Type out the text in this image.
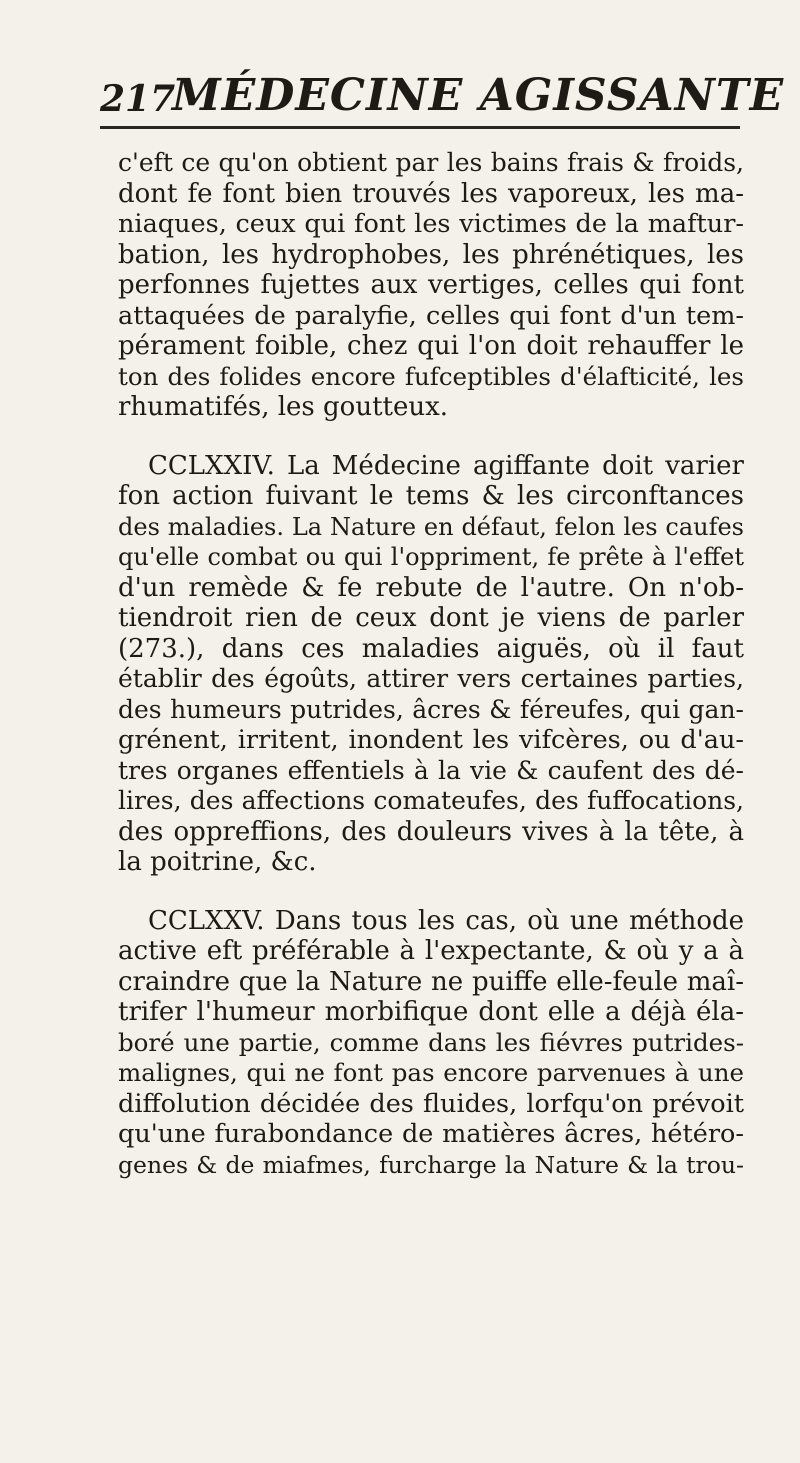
217
MÉDECINE AGISSANTE
c'eft ce qu'on obtient par les bains frais & froids,
dont fe font bien trouvés les vaporeux, les ma-
niaques, ceux qui font les victimes de la maftur-
bation, les hydrophobes, les phrénétiques, les
perfonnes fujettes aux vertiges, celles qui font
attaquées de paralyfie, celles qui font d'un tem-
pérament foible, chez qui l'on doit rehauffer le
ton des folides encore fufceptibles d'élafticité, les
rhumatifés, les goutteux.
CCLXXIV. La Médecine agiffante doit varier
fon action fuivant le tems & les circonftances
des maladies. La Nature en défaut, felon les caufes
qu'elle combat ou qui l'oppriment, fe prête à l'effet
d'un remède & fe rebute de l'autre. On n'ob-
tiendroit rien de ceux dont je viens de parler
(273.), dans ces maladies aiguës, où il faut
établir des égoûts, attirer vers certaines parties,
des humeurs putrides, âcres & féreufes, qui gan-
grénent, irritent, inondent les vifcères, ou d'au-
tres organes effentiels à la vie & caufent des dé-
lires, des affections comateufes, des fuffocations,
des oppreffions, des douleurs vives à la tête, à
la poitrine, &c.
CCLXXV. Dans tous les cas, où une méthode
active eft préférable à l'expectante, & où y a à
craindre que la Nature ne puiffe elle-feule maî-
trifer l'humeur morbifique dont elle a déjà éla-
boré une partie, comme dans les fiévres putrides-
malignes, qui ne font pas encore parvenues à une
diffolution décidée des fluides, lorfqu'on prévoit
qu'une furabondance de matières âcres, hétéro-
genes & de miafmes, furcharge la Nature & la trou-
